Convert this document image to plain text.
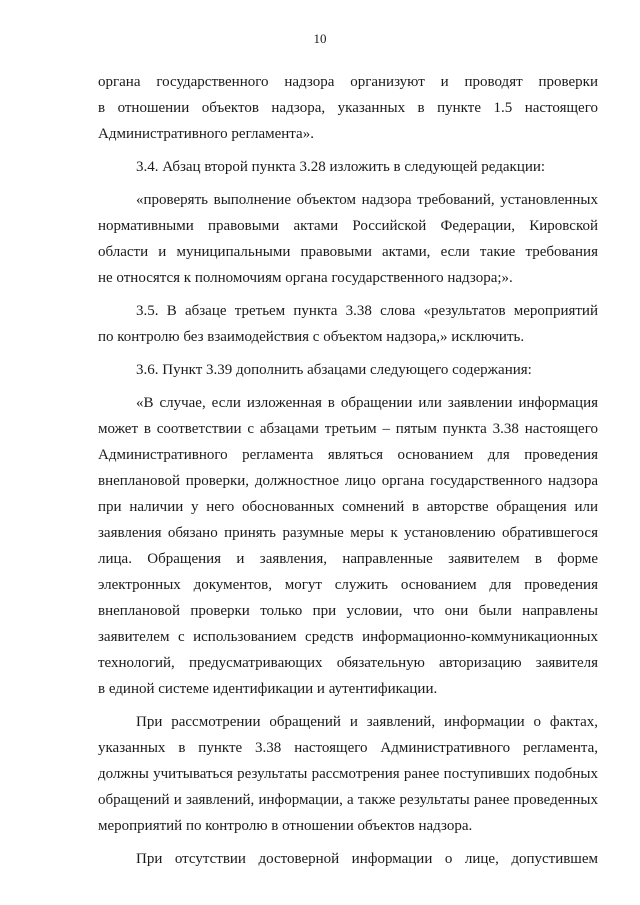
10
органа государственного надзора организуют и проводят проверки
в отношении объектов надзора, указанных в пункте 1.5 настоящего
Административного регламента».
3.4. Абзац второй пункта 3.28 изложить в следующей редакции:
«проверять выполнение объектом надзора требований, установленных
нормативными правовыми актами Российской Федерации, Кировской
области и муниципальными правовыми актами, если такие требования
не относятся к полномочиям органа государственного надзора;».
3.5. В абзаце третьем пункта 3.38 слова «результатов мероприятий
по контролю без взаимодействия с объектом надзора,» исключить.
3.6. Пункт 3.39 дополнить абзацами следующего содержания:
«В случае, если изложенная в обращении или заявлении информация
может в соответствии с абзацами третьим – пятым пункта 3.38 настоящего
Административного регламента являться основанием для проведения
внеплановой проверки, должностное лицо органа государственного надзора
при наличии у него обоснованных сомнений в авторстве обращения или
заявления обязано принять разумные меры к установлению обратившегося
лица. Обращения и заявления, направленные заявителем в форме
электронных документов, могут служить основанием для проведения
внеплановой проверки только при условии, что они были направлены
заявителем с использованием средств информационно-коммуникационных
технологий, предусматривающих обязательную авторизацию заявителя
в единой системе идентификации и аутентификации.
При рассмотрении обращений и заявлений, информации о фактах,
указанных в пункте 3.38 настоящего Административного регламента,
должны учитываться результаты рассмотрения ранее поступивших подобных
обращений и заявлений, информации, а также результаты ранее проведенных
мероприятий по контролю в отношении объектов надзора.
При отсутствии достоверной информации о лице, допустившем
